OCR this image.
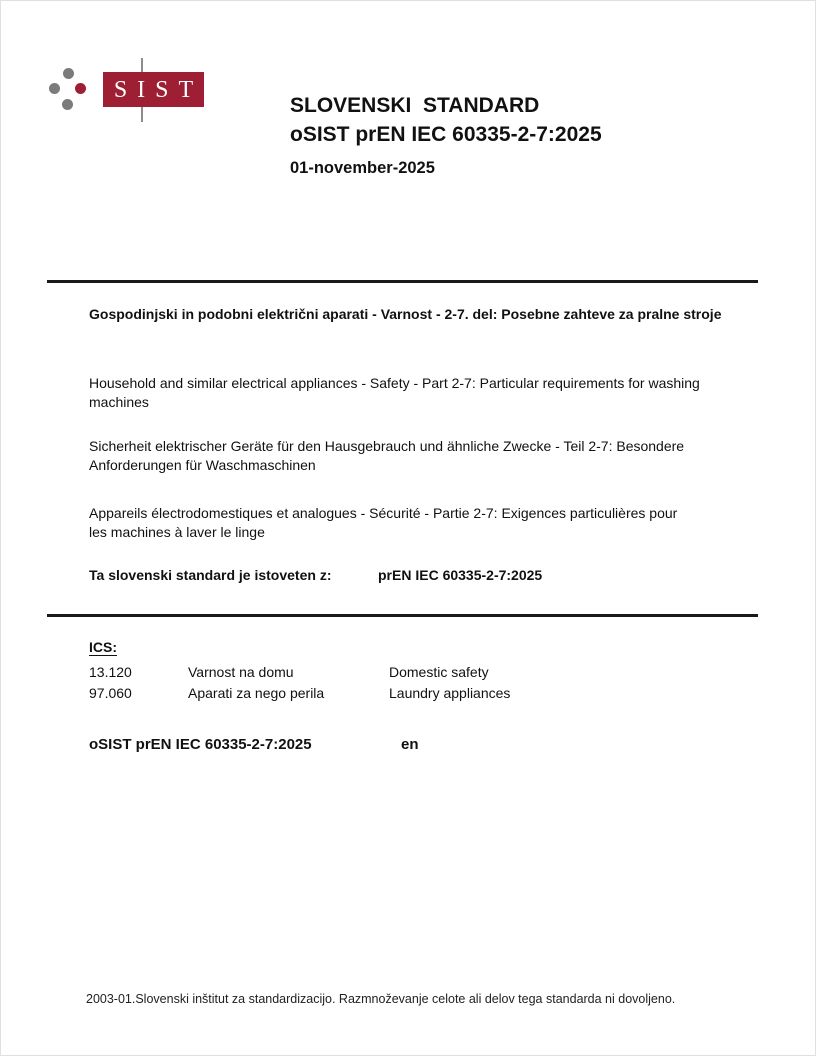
SIST
SLOVENSKI  STANDARD
oSIST prEN IEC 60335-2-7:2025
01-november-2025
Gospodinjski in podobni električni aparati - Varnost - 2-7. del: Posebne zahteve za pralne stroje
Household and similar electrical appliances - Safety - Part 2-7: Particular requirements for washing machines
Sicherheit elektrischer Geräte für den Hausgebrauch und ähnliche Zwecke - Teil 2-7: Besondere Anforderungen für Waschmaschinen
Appareils électrodomestiques et analogues - Sécurité - Partie 2-7: Exigences particulières pour les machines à laver le linge
Ta slovenski standard je istoveten z:	prEN IEC 60335-2-7:2025
ICS:
13.120	Varnost na domu	Domestic safety
97.060	Aparati za nego perila	Laundry appliances
oSIST prEN IEC 60335-2-7:2025	en
2003-01.Slovenski inštitut za standardizacijo. Razmnoževanje celote ali delov tega standarda ni dovoljeno.
